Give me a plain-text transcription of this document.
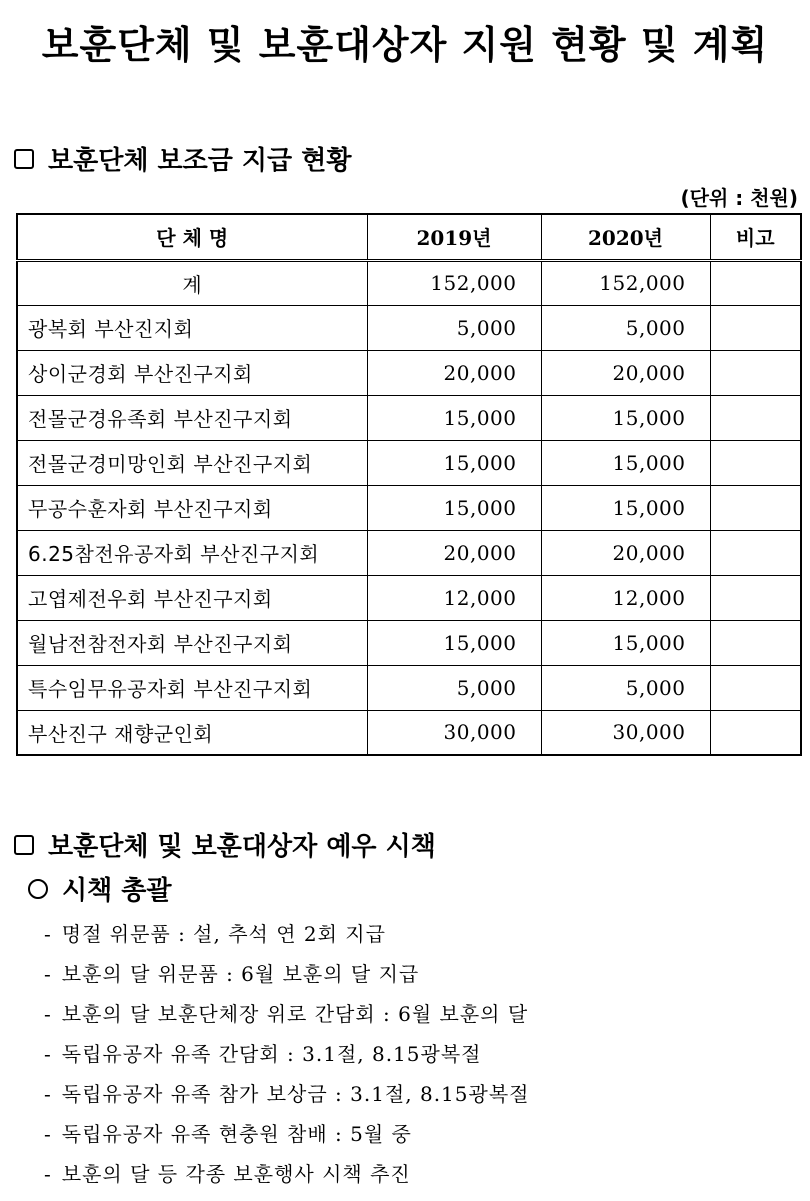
보훈단체 및 보훈대상자 지원 현황 및 계획
보훈단체 보조금 지급 현황
(단위 : 천원)
단 체 명	2019년	2020년	비고
계	152,000	152,000	
광복회 부산진지회	5,000	5,000	
상이군경회 부산진구지회	20,000	20,000	
전몰군경유족회 부산진구지회	15,000	15,000	
전몰군경미망인회 부산진구지회	15,000	15,000	
무공수훈자회 부산진구지회	15,000	15,000	
6.25참전유공자회 부산진구지회	20,000	20,000	
고엽제전우회 부산진구지회	12,000	12,000	
월남전참전자회 부산진구지회	15,000	15,000	
특수임무유공자회 부산진구지회	5,000	5,000	
부산진구 재향군인회	30,000	30,000	
보훈단체 및 보훈대상자 예우 시책
시책 총괄
- 명절 위문품 : 설, 추석 연 2회 지급
- 보훈의 달 위문품 : 6월 보훈의 달 지급
- 보훈의 달 보훈단체장 위로 간담회 : 6월 보훈의 달
- 독립유공자 유족 간담회 : 3.1절, 8.15광복절
- 독립유공자 유족 참가 보상금 : 3.1절, 8.15광복절
- 독립유공자 유족 현충원 참배 : 5월 중
- 보훈의 달 등 각종 보훈행사 시책 추진
